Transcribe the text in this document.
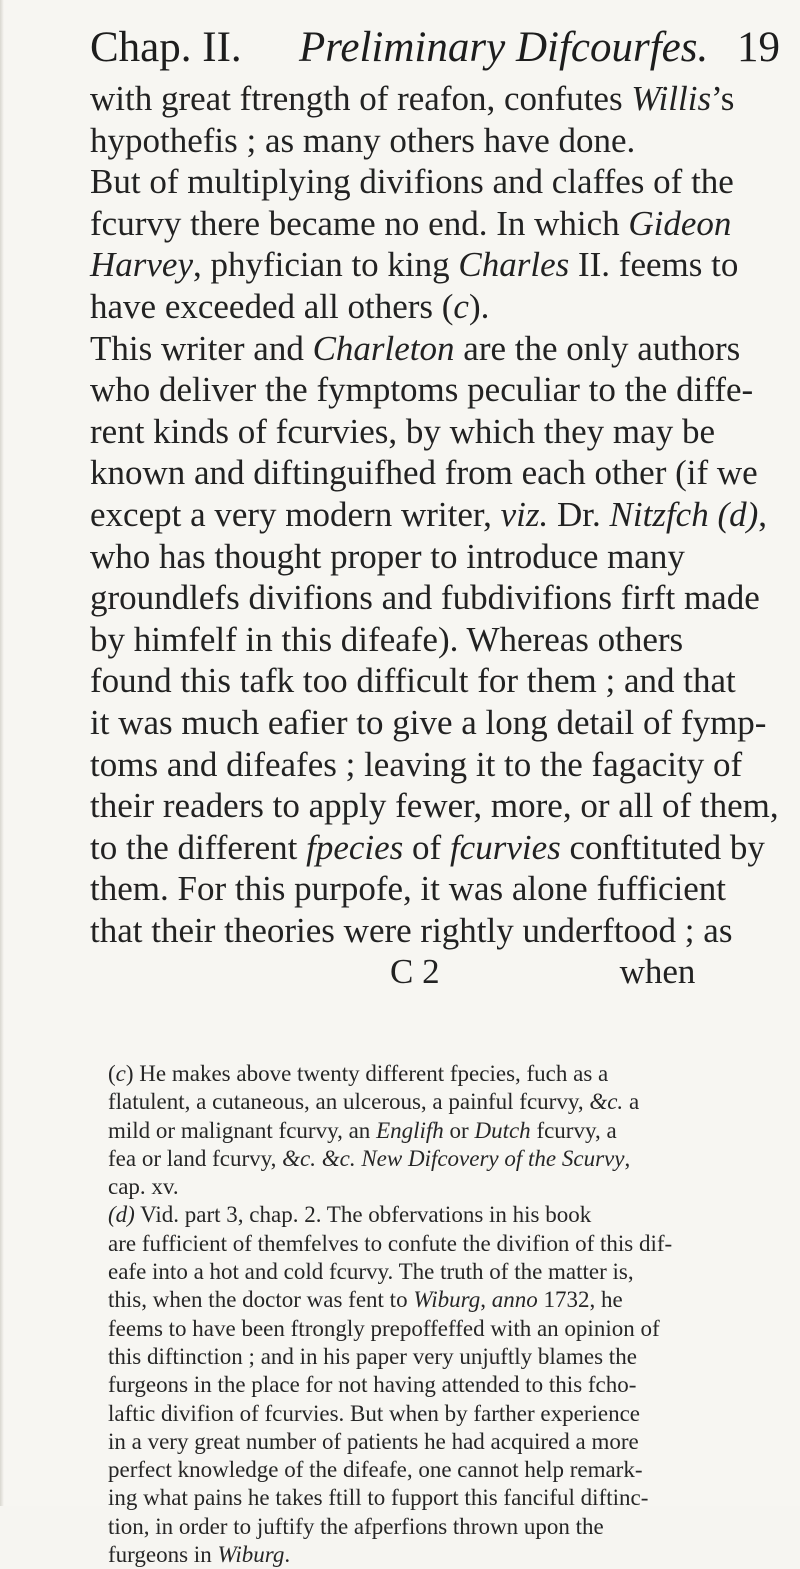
Chap. II. Preliminary Difcourfes. 19
with great ftrength of reafon, confutes Willis’s
hypothefis ; as many others have done.
But of multiplying divifions and claffes of the
fcurvy there became no end. In which Gideon
Harvey, phyfician to king Charles II. feems to
have exceeded all others (c).
This writer and Charleton are the only authors
who deliver the fymptoms peculiar to the diffe-
rent kinds of fcurvies, by which they may be
known and diftinguifhed from each other (if we
except a very modern writer, viz. Dr. Nitzfch (d),
who has thought proper to introduce many
groundlefs divifions and fubdivifions firft made
by himfelf in this difeafe). Whereas others
found this tafk too difficult for them ; and that
it was much eafier to give a long detail of fymp-
toms and difeafes ; leaving it to the fagacity of
their readers to apply fewer, more, or all of them,
to the different fpecies of fcurvies conftituted by
them. For this purpofe, it was alone fufficient
that their theories were rightly underftood ; as
C 2	when
(c) He makes above twenty different fpecies, fuch as a
flatulent, a cutaneous, an ulcerous, a painful fcurvy, &c. a
mild or malignant fcurvy, an Englifh or Dutch fcurvy, a
fea or land fcurvy, &c. &c. New Difcovery of the Scurvy,
cap. xv.
(d) Vid. part 3, chap. 2. The obfervations in his book
are fufficient of themfelves to confute the divifion of this dif-
eafe into a hot and cold fcurvy. The truth of the matter is,
this, when the doctor was fent to Wiburg, anno 1732, he
feems to have been ftrongly prepoffeffed with an opinion of
this diftinction ; and in his paper very unjuftly blames the
furgeons in the place for not having attended to this fcho-
laftic divifion of fcurvies. But when by farther experience
in a very great number of patients he had acquired a more
perfect knowledge of the difeafe, one cannot help remark-
ing what pains he takes ftill to fupport this fanciful diftinc-
tion, in order to juftify the afperfions thrown upon the
furgeons in Wiburg.
